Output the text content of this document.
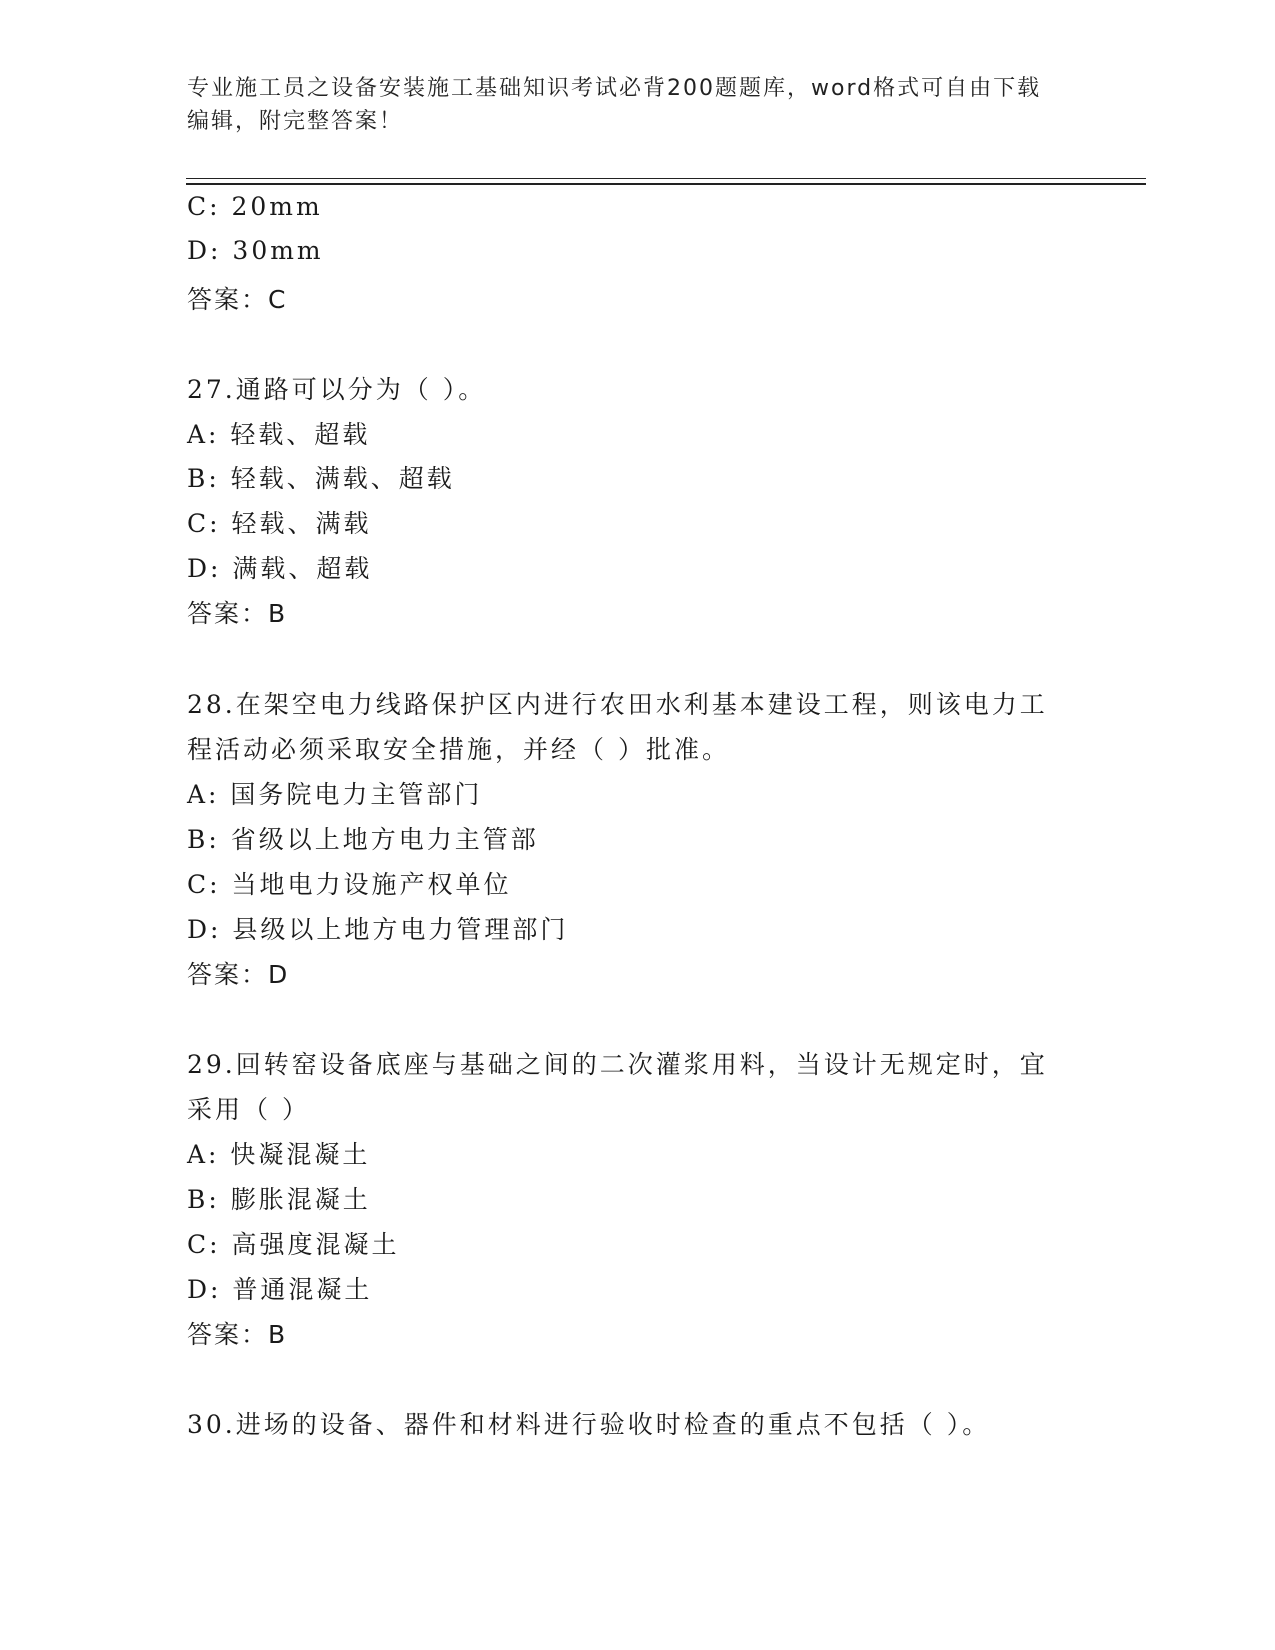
专业施工员之设备安装施工基础知识考试必背200题题库，word格式可自由下载
编辑，附完整答案！
C: 20mm
D: 30mm
答案：C
27.通路可以分为（ ）。
A: 轻载、超载
B: 轻载、满载、超载
C: 轻载、满载
D: 满载、超载
答案：B
28.在架空电力线路保护区内进行农田水利基本建设工程，则该电力工
程活动必须采取安全措施，并经（ ）批准。
A: 国务院电力主管部门
B: 省级以上地方电力主管部
C: 当地电力设施产权单位
D: 县级以上地方电力管理部门
答案：D
29.回转窑设备底座与基础之间的二次灌浆用料，当设计无规定时，宜
采用（ ）
A: 快凝混凝土
B: 膨胀混凝土
C: 高强度混凝土
D: 普通混凝土
答案：B
30.进场的设备、器件和材料进行验收时检查的重点不包括（ ）。
